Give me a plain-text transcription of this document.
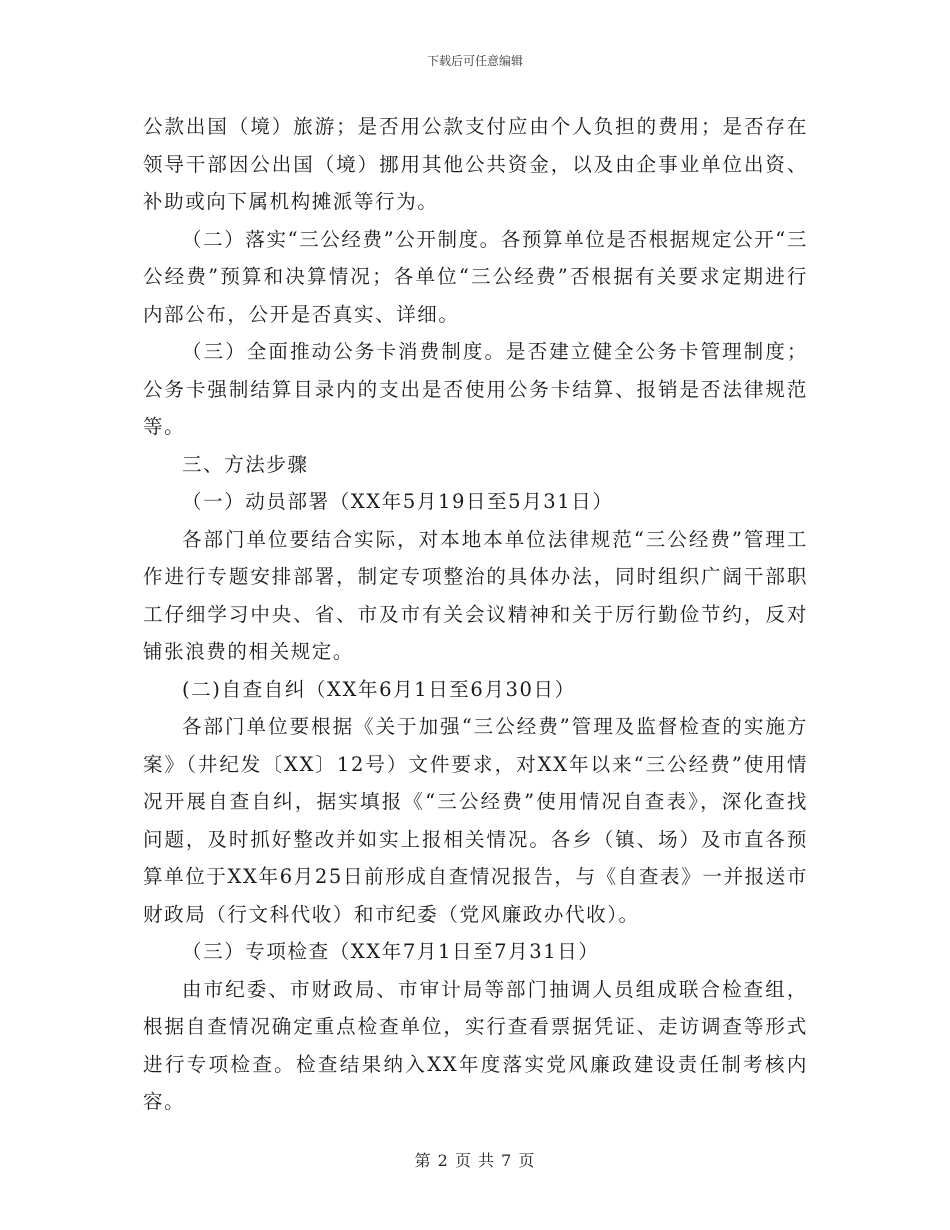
下载后可任意编辑

公款出国（境）旅游；是否用公款支付应由个人负担的费用；是否存在领导干部因公出国（境）挪用其他公共资金，以及由企事业单位出资、补助或向下属机构摊派等行为。

（二）落实“三公经费”公开制度。各预算单位是否根据规定公开“三公经费”预算和决算情况；各单位“三公经费”否根据有关要求定期进行内部公布，公开是否真实、详细。

（三）全面推动公务卡消费制度。是否建立健全公务卡管理制度；公务卡强制结算目录内的支出是否使用公务卡结算、报销是否法律规范等。

三、方法步骤

（一）动员部署（XX年5月19日至5月31日）

各部门单位要结合实际，对本地本单位法律规范“三公经费”管理工作进行专题安排部署，制定专项整治的具体办法，同时组织广阔干部职工仔细学习中央、省、市及市有关会议精神和关于厉行勤俭节约，反对铺张浪费的相关规定。

(二)自查自纠（XX年6月1日至6月30日）

各部门单位要根据《关于加强“三公经费”管理及监督检查的实施方案》（井纪发〔XX〕12号）文件要求，对XX年以来“三公经费”使用情况开展自查自纠，据实填报《“三公经费”使用情况自查表》，深化查找问题，及时抓好整改并如实上报相关情况。各乡（镇、场）及市直各预算单位于XX年6月25日前形成自查情况报告，与《自查表》一并报送市财政局（行文科代收）和市纪委（党风廉政办代收）。

（三）专项检查（XX年7月1日至7月31日）

由市纪委、市财政局、市审计局等部门抽调人员组成联合检查组，根据自查情况确定重点检查单位，实行查看票据凭证、走访调查等形式进行专项检查。检查结果纳入XX年度落实党风廉政建设责任制考核内容。

第 2 页 共 7 页
